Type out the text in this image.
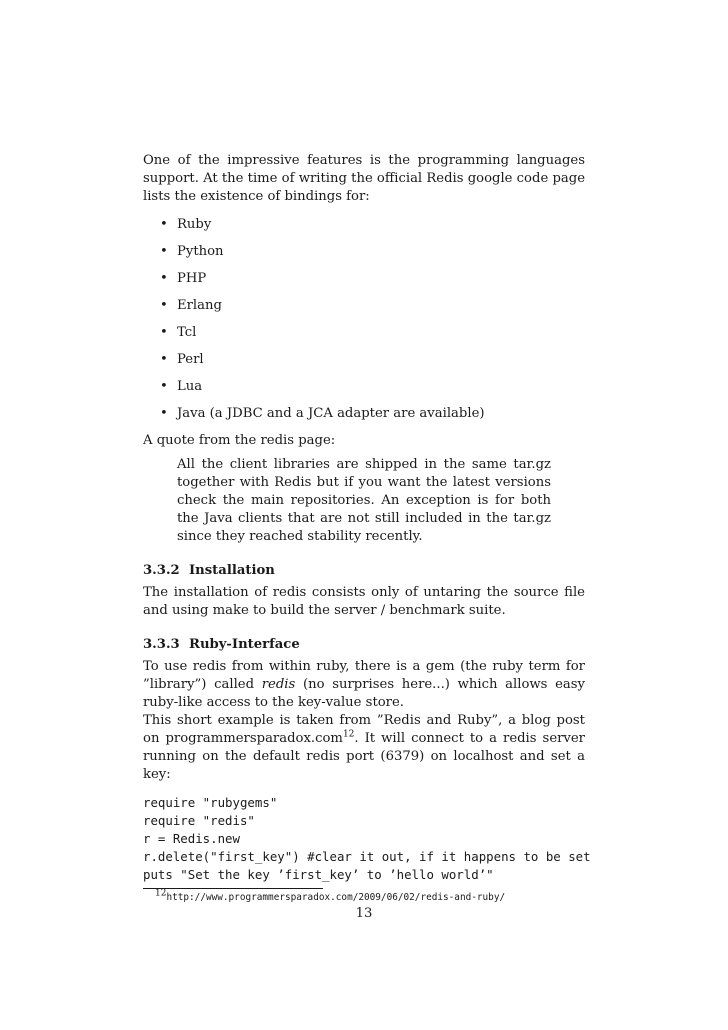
One of the impressive features is the programming languages support. At the time of writing the official Redis google code page lists the existence of bindings for:

• Ruby
• Python
• PHP
• Erlang
• Tcl
• Perl
• Lua
• Java (a JDBC and a JCA adapter are available)

A quote from the redis page:

All the client libraries are shipped in the same tar.gz together with Redis but if you want the latest versions check the main repositories. An exception is for both the Java clients that are not still included in the tar.gz since they reached stability recently.

3.3.2 Installation

The installation of redis consists only of untaring the source file and using make to build the server / benchmark suite.

3.3.3 Ruby-Interface

To use redis from within ruby, there is a gem (the ruby term for ”library”) called redis (no surprises here...) which allows easy ruby-like access to the key-value store.

This short example is taken from ”Redis and Ruby”, a blog post on programmersparadox.com$^{12}$. It will connect to a redis server running on the default redis port (6379) on localhost and set a key:

require "rubygems"
require "redis"
r = Redis.new
r.delete("first_key") #clear it out, if it happens to be set
puts "Set the key ’first_key’ to ’hello world’"
$^{12}$http://www.programmersparadox.com/2009/06/02/redis-and-ruby/
13
